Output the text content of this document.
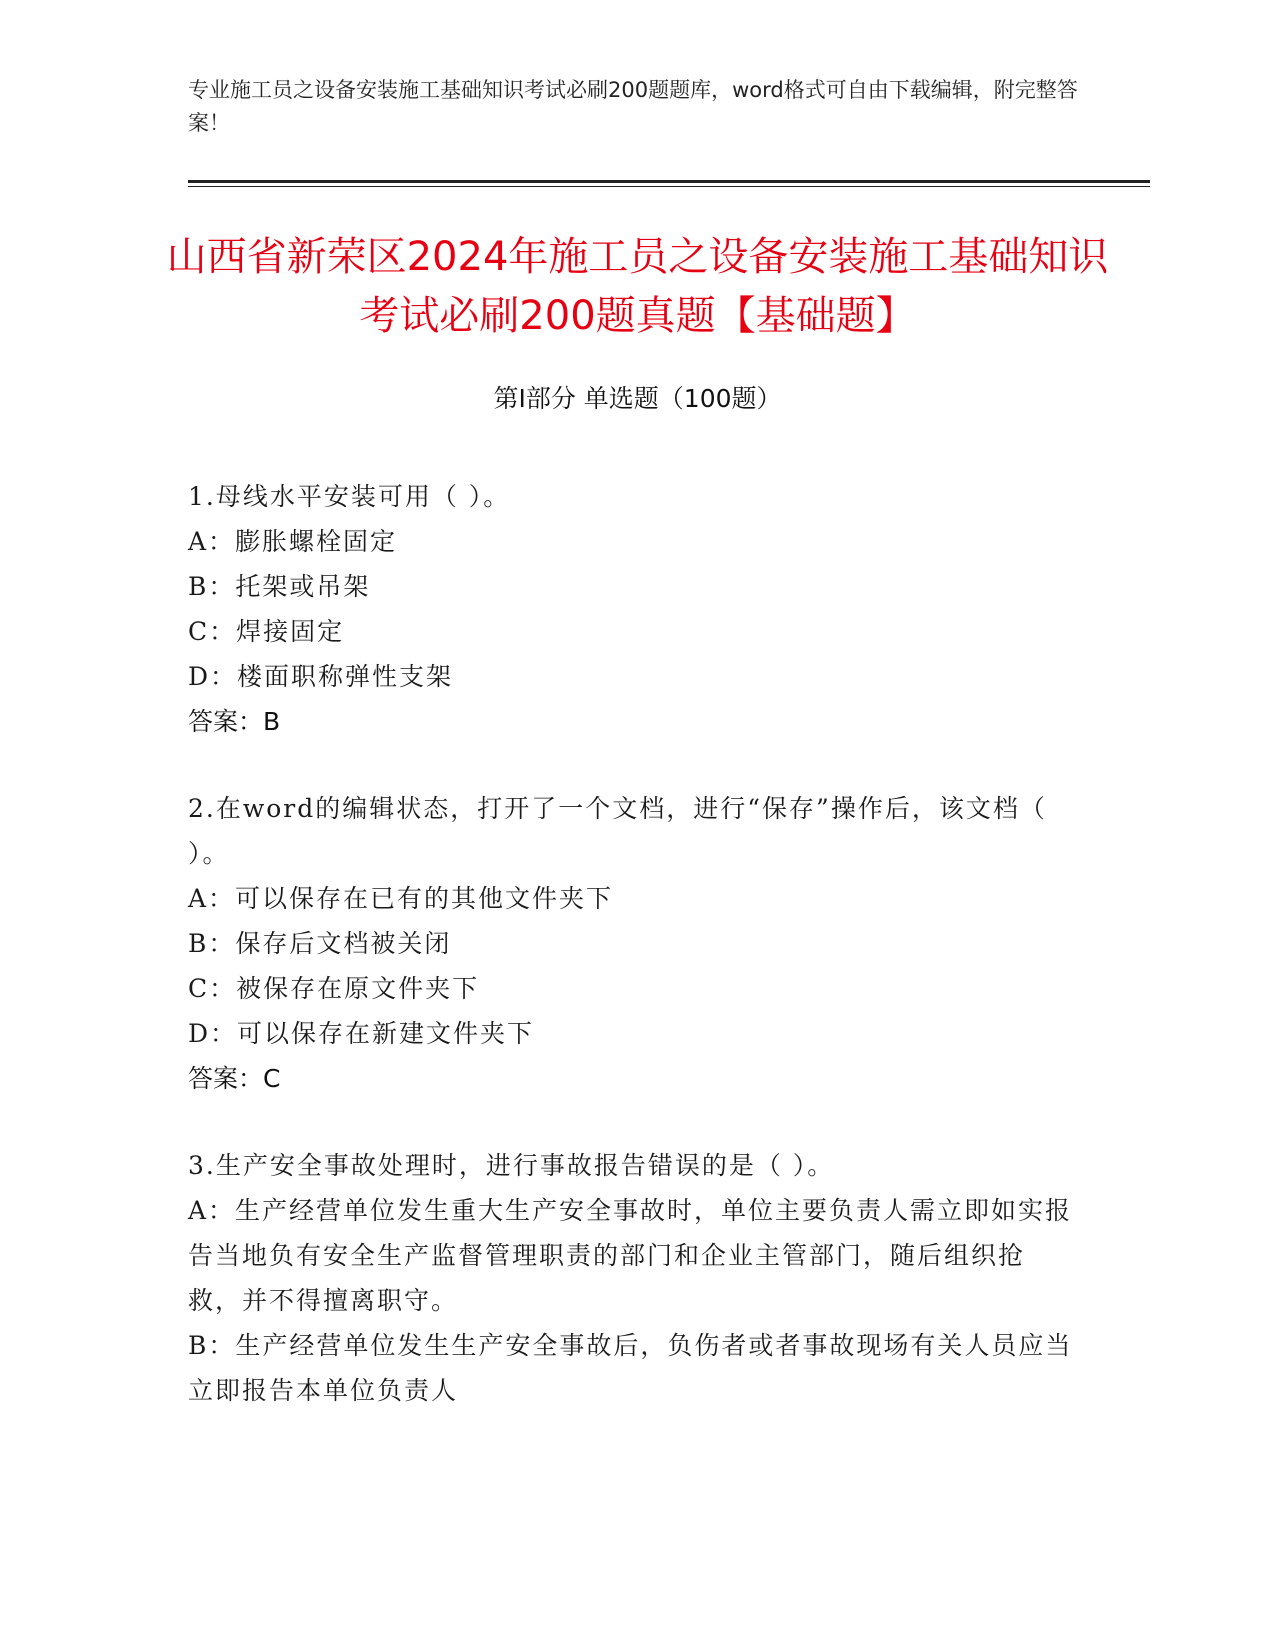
专业施工员之设备安装施工基础知识考试必刷200题题库，word格式可自由下载编辑，附完整答案！
山西省新荣区2024年施工员之设备安装施工基础知识考试必刷200题真题【基础题】
第Ⅰ部分 单选题（100题）
1.母线水平安装可用（ ）。
A：膨胀螺栓固定
B：托架或吊架
C：焊接固定
D：楼面职称弹性支架
答案：B
2.在word的编辑状态，打开了一个文档，进行“保存”操作后，该文档（ ）。
A：可以保存在已有的其他文件夹下
B：保存后文档被关闭
C：被保存在原文件夹下
D：可以保存在新建文件夹下
答案：C
3.生产安全事故处理时，进行事故报告错误的是（ ）。
A：生产经营单位发生重大生产安全事故时，单位主要负责人需立即如实报告当地负有安全生产监督管理职责的部门和企业主管部门，随后组织抢救，并不得擅离职守。
B：生产经营单位发生生产安全事故后，负伤者或者事故现场有关人员应当立即报告本单位负责人
